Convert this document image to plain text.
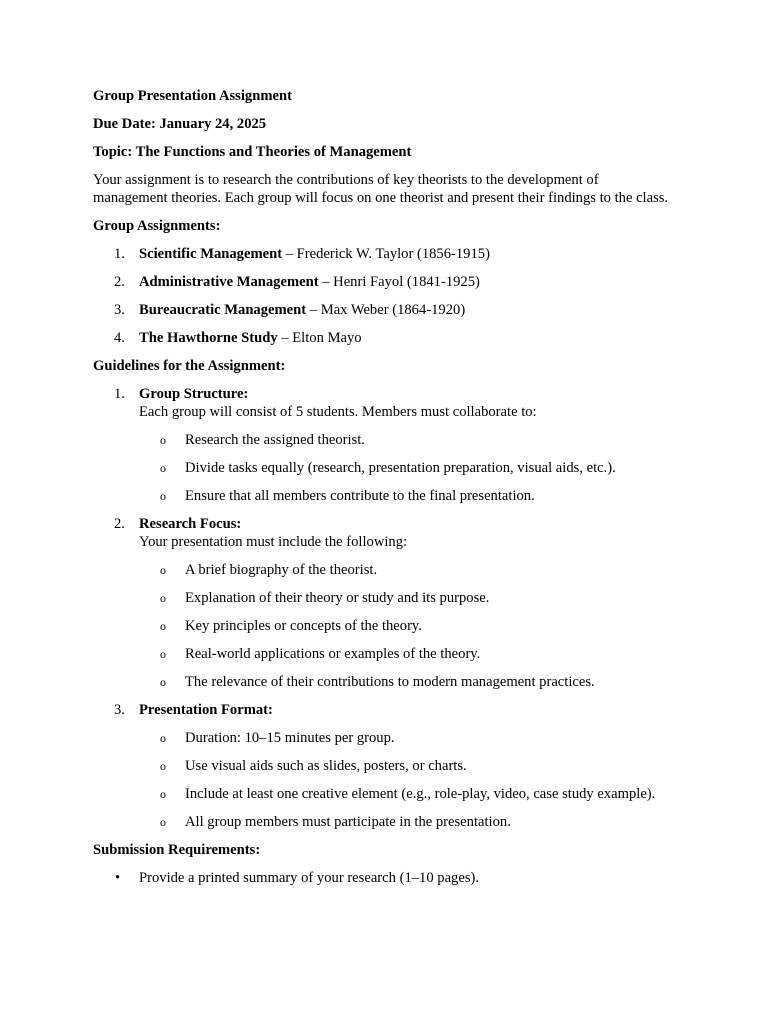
Group Presentation Assignment

Due Date: January 24, 2025

Topic: The Functions and Theories of Management

Your assignment is to research the contributions of key theorists to the development of management theories. Each group will focus on one theorist and present their findings to the class.

Group Assignments:

1. Scientific Management – Frederick W. Taylor (1856-1915)
2. Administrative Management – Henri Fayol (1841-1925)
3. Bureaucratic Management – Max Weber (1864-1920)
4. The Hawthorne Study – Elton Mayo

Guidelines for the Assignment:

1. Group Structure:
Each group will consist of 5 students. Members must collaborate to:
o Research the assigned theorist.
o Divide tasks equally (research, presentation preparation, visual aids, etc.).
o Ensure that all members contribute to the final presentation.
2. Research Focus:
Your presentation must include the following:
o A brief biography of the theorist.
o Explanation of their theory or study and its purpose.
o Key principles or concepts of the theory.
o Real-world applications or examples of the theory.
o The relevance of their contributions to modern management practices.
3. Presentation Format:
o Duration: 10–15 minutes per group.
o Use visual aids such as slides, posters, or charts.
o Include at least one creative element (e.g., role-play, video, case study example).
o All group members must participate in the presentation.

Submission Requirements:

• Provide a printed summary of your research (1–10 pages).
